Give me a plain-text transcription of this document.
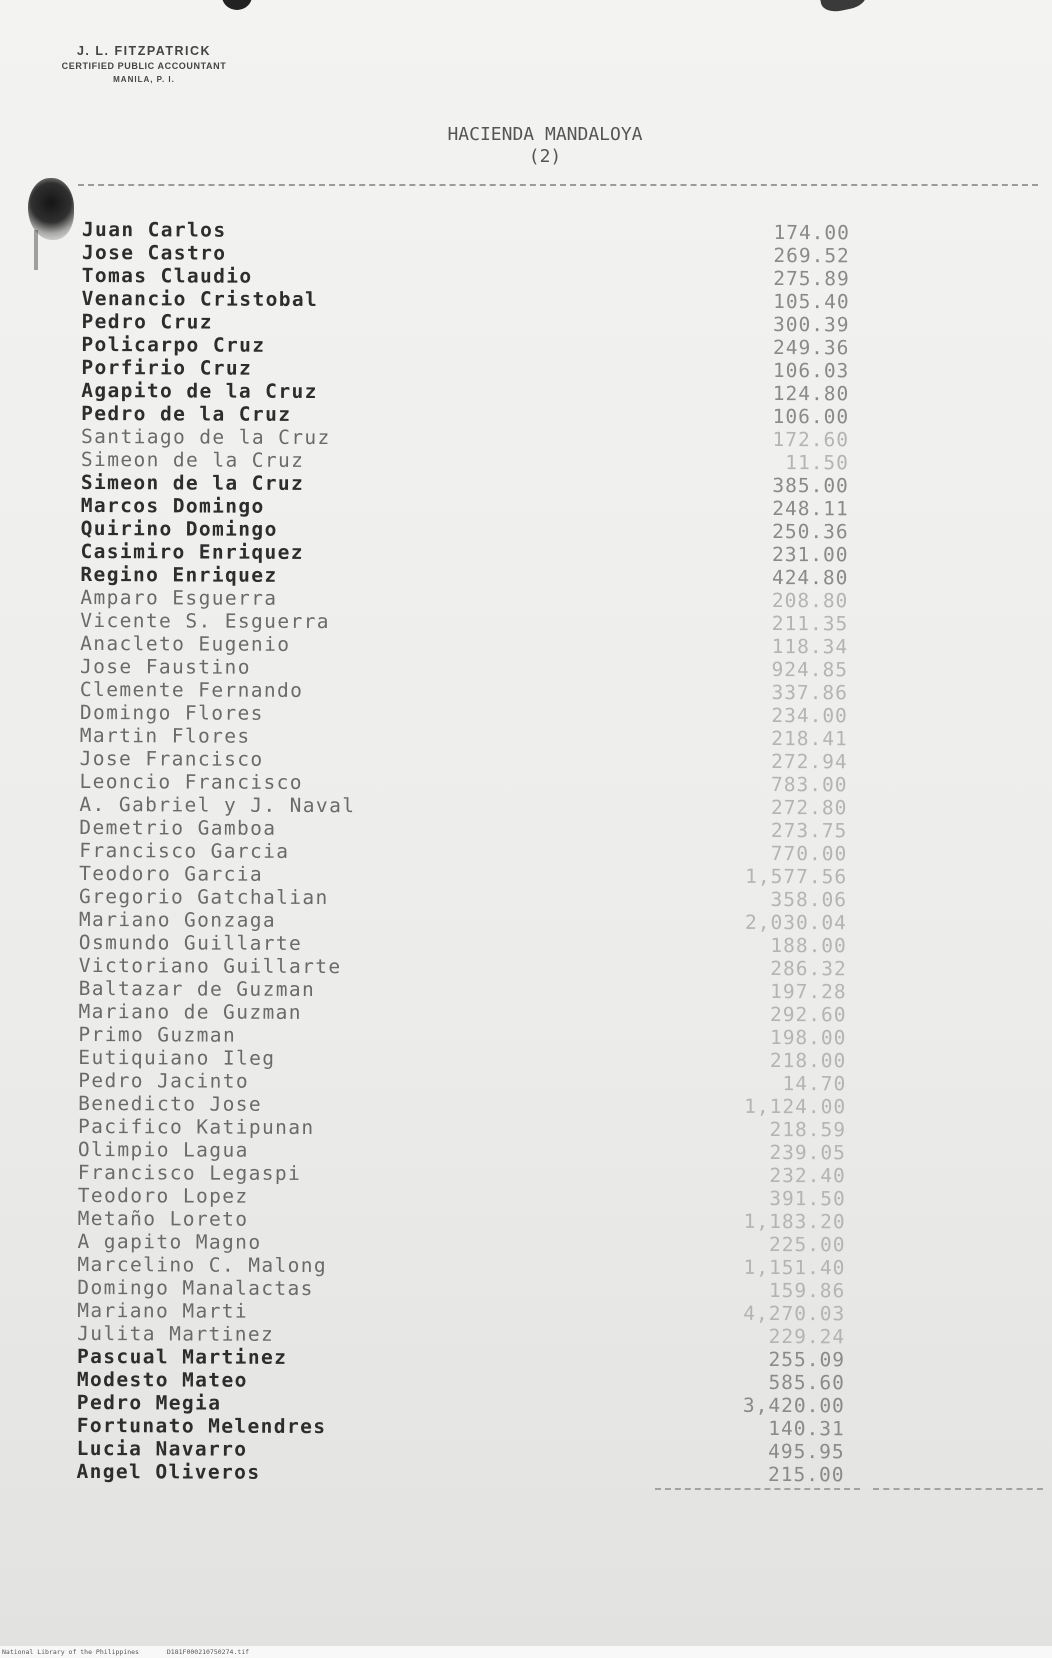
J. L. FITZPATRICK
CERTIFIED PUBLIC ACCOUNTANT
MANILA, P. I.
HACIENDA MANDALOYA
(2)
Juan Carlos	174.00
Jose Castro	269.52
Tomas Claudio	275.89
Venancio Cristobal	105.40
Pedro Cruz	300.39
Policarpo Cruz	249.36
Porfirio Cruz	106.03
Agapito de la Cruz	124.80
Pedro de la Cruz	106.00
Santiago de la Cruz	172.60
Simeon de la Cruz	11.50
Simeon de la Cruz	385.00
Marcos Domingo	248.11
Quirino Domingo	250.36
Casimiro Enriquez	231.00
Regino Enriquez	424.80
Amparo Esguerra	208.80
Vicente S. Esguerra	211.35
Anacleto Eugenio	118.34
Jose Faustino	924.85
Clemente Fernando	337.86
Domingo Flores	234.00
Martin Flores	218.41
Jose Francisco	272.94
Leoncio Francisco	783.00
A. Gabriel y J. Naval	272.80
Demetrio Gamboa	273.75
Francisco Garcia	770.00
Teodoro Garcia	1,577.56
Gregorio Gatchalian	358.06
Mariano Gonzaga	2,030.04
Osmundo Guillarte	188.00
Victoriano Guillarte	286.32
Baltazar de Guzman	197.28
Mariano de Guzman	292.60
Primo Guzman	198.00
Eutiquiano Ileg	218.00
Pedro Jacinto	14.70
Benedicto Jose	1,124.00
Pacifico Katipunan	218.59
Olimpio Lagua	239.05
Francisco Legaspi	232.40
Teodoro Lopez	391.50
Metaño Loreto	1,183.20
A gapito Magno	225.00
Marcelino C. Malong	1,151.40
Domingo Manalactas	159.86
Mariano Marti	4,270.03
Julita Martinez	229.24
Pascual Martinez	255.09
Modesto Mateo	585.60
Pedro Megia	3,420.00
Fortunato Melendres	140.31
Lucia Navarro	495.95
Angel Oliveros	215.00
National Library of the Philippines	D181F000210750274.tif
